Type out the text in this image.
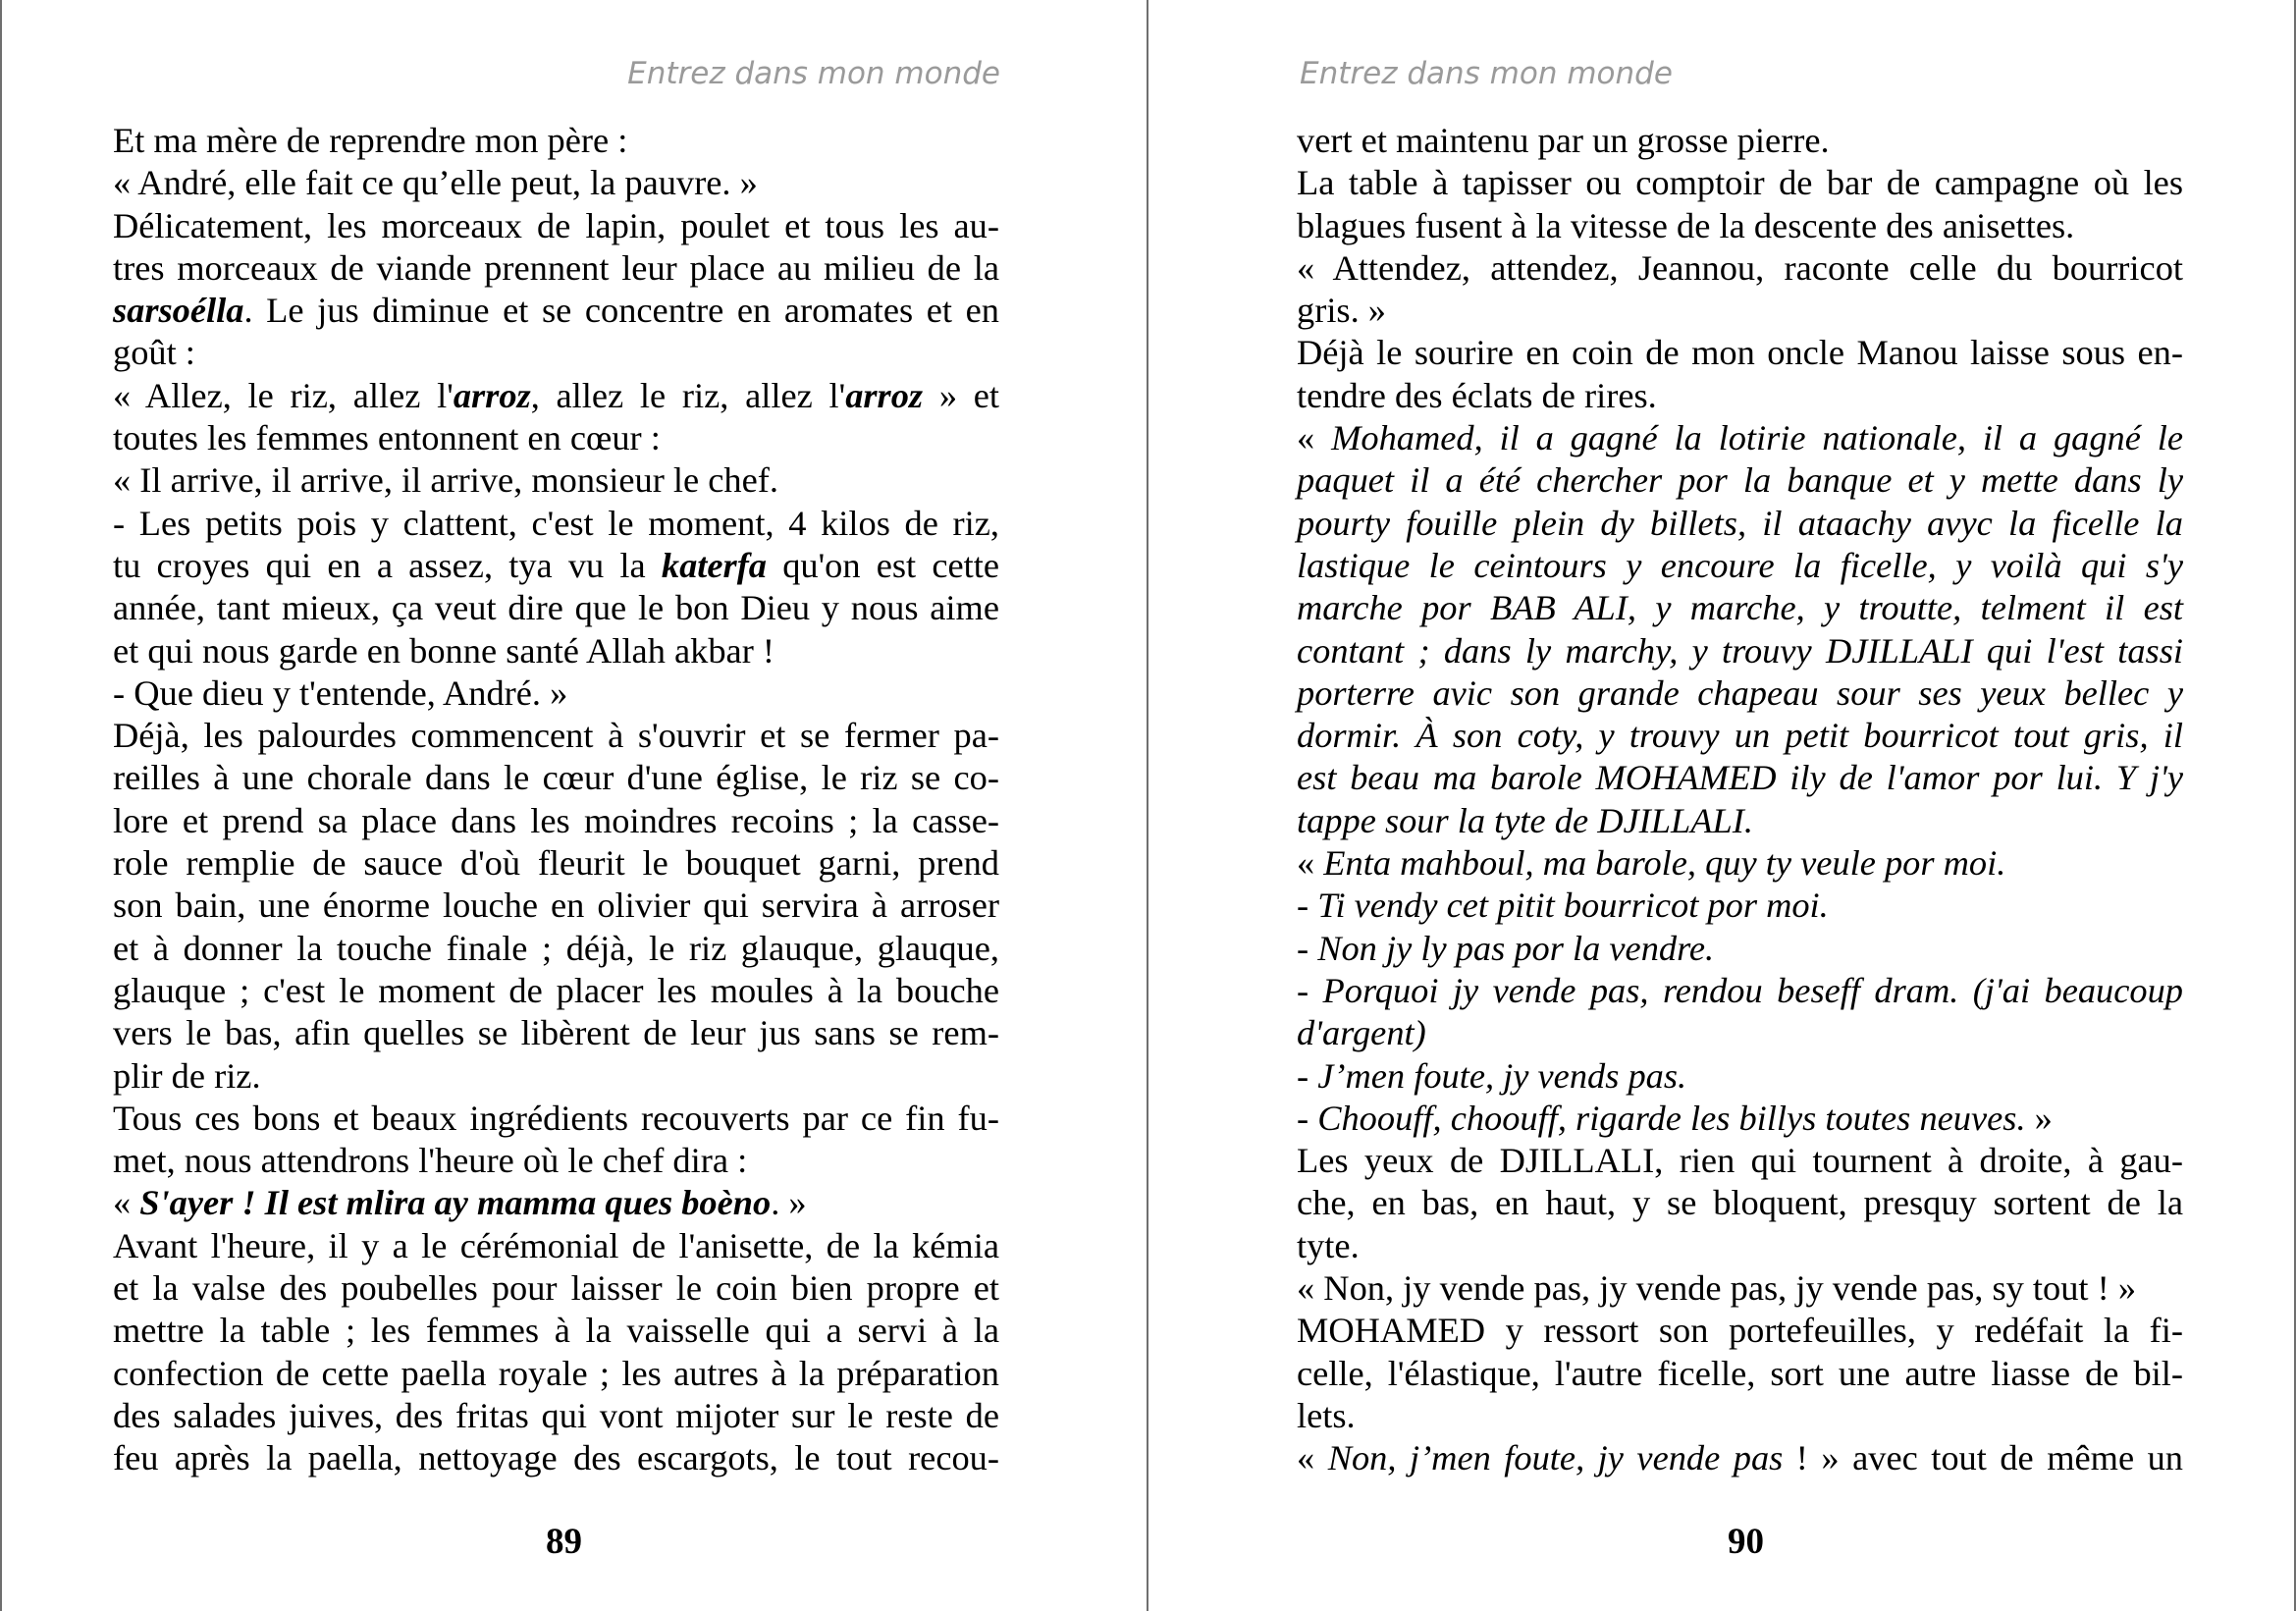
Entrez dans mon monde
Et ma mère de reprendre mon père :
« André, elle fait ce qu’elle peut, la pauvre. »
Délicatement, les morceaux de lapin, poulet et tous les au-
tres morceaux de viande prennent leur place au milieu de la
sarsoélla. Le jus diminue et se concentre en aromates et en
goût :
« Allez, le riz, allez l'arroz, allez le riz, allez l'arroz » et
toutes les femmes entonnent en cœur :
« Il arrive, il arrive, il arrive, monsieur le chef.
- Les petits pois y clattent, c'est le moment, 4 kilos de riz,
tu croyes qui en a assez, tya vu la katerfa qu'on est cette
année, tant mieux, ça veut dire que le bon Dieu y nous aime
et qui nous garde en bonne santé Allah akbar !
- Que dieu y t'entende, André. »
Déjà, les palourdes commencent à s'ouvrir et se fermer pa-
reilles à une chorale dans le cœur d'une église, le riz se co-
lore et prend sa place dans les moindres recoins ; la casse-
role remplie de sauce d'où fleurit le bouquet garni, prend
son bain, une énorme louche en olivier qui servira à arroser
et à donner la touche finale ; déjà, le riz glauque, glauque,
glauque ; c'est le moment de placer les moules à la bouche
vers le bas, afin quelles se libèrent de leur jus sans se rem-
plir de riz.
Tous ces bons et beaux ingrédients recouverts par ce fin fu-
met, nous attendrons l'heure où le chef dira :
« S'ayer ! Il est mlira ay mamma ques boèno. »
Avant l'heure, il y a le cérémonial de l'anisette, de la kémia
et la valse des poubelles pour laisser le coin bien propre et
mettre la table ; les femmes à la vaisselle qui a servi à la
confection de cette paella royale ; les autres à la préparation
des salades juives, des fritas qui vont mijoter sur le reste de
feu après la paella, nettoyage des escargots, le tout recou-
89
Entrez dans mon monde
vert et maintenu par un grosse pierre.
La table à tapisser ou comptoir de bar de campagne où les
blagues fusent à la vitesse de la descente des anisettes.
« Attendez, attendez, Jeannou, raconte celle du bourricot
gris. »
Déjà le sourire en coin de mon oncle Manou laisse sous en-
tendre des éclats de rires.
« Mohamed, il a gagné la lotirie nationale, il a gagné le
paquet il a été chercher por la banque et y mette dans ly
pourty fouille plein dy billets, il ataachy avyc la ficelle la
lastique le ceintours y encoure la ficelle, y voilà qui s'y
marche por BAB ALI, y marche, y troutte, telment il est
contant ; dans ly marchy, y trouvy DJILLALI qui l'est tassi
porterre avic son grande chapeau sour ses yeux bellec y
dormir. À son coty, y trouvy un petit bourricot tout gris, il
est beau ma barole MOHAMED ily de l'amor por lui. Y j'y
tappe sour la tyte de DJILLALI.
« Enta mahboul, ma barole, quy ty veule por moi.
- Ti vendy cet pitit bourricot por moi.
- Non jy ly pas por la vendre.
- Porquoi jy vende pas, rendou beseff dram. (j'ai beaucoup
d'argent)
- J’men foute, jy vends pas.
- Choouff, choouff, rigarde les billys toutes neuves. »
Les yeux de DJILLALI, rien qui tournent à droite, à gau-
che, en bas, en haut, y se bloquent, presquy sortent de la
tyte.
« Non, jy vende pas, jy vende pas, jy vende pas, sy tout ! »
MOHAMED y ressort son portefeuilles, y redéfait la fi-
celle, l'élastique, l'autre ficelle, sort une autre liasse de bil-
lets.
« Non, j’men foute, jy vende pas ! » avec tout de même un
90
